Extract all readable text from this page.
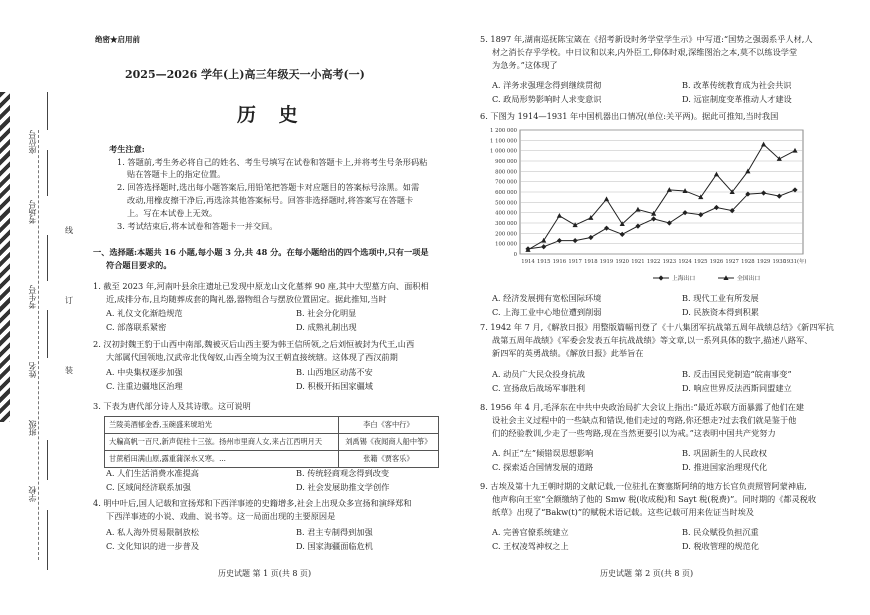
座位号
考场号
考生号
姓名
班级
学校
线
订
装
绝密★启用前
2025—2026 学年(上)高三年级天一小高考(一)
历 史
考生注意:
1. 答题前,考生务必将自己的姓名、考生号填写在试卷和答题卡上,并将考生号条形码粘
贴在答题卡上的指定位置。
2. 回答选择题时,选出每小题答案后,用铅笔把答题卡对应题目的答案标号涂黑。如需
改动,用橡皮擦干净后,再选涂其他答案标号。回答非选择题时,将答案写在答题卡
上。写在本试卷上无效。
3. 考试结束后,将本试卷和答题卡一并交回。
一、选择题:本题共 16 小题,每小题 3 分,共 48 分。在每小题给出的四个选项中,只有一项是
符合题目要求的。
1. 截至 2023 年,河南叶县余庄遗址已发现中原龙山文化墓葬 90 座,其中大型墓方向、面积相
近,成排分布,且均随葬成套的陶礼器,器物组合与摆放位置固定。据此推知,当时
A. 礼仪文化渐趋规范	B. 社会分化明显
C. 部落联系紧密	D. 成熟礼制出现
2. 汉初封魏王豹于山西中南部,魏被灭后山西主要为韩王信所领,之后刘恒被封为代王,山西
大部属代国领地,汉武帝北伐匈奴,山西全境为汉王朝直接统辖。这体现了西汉前期
A. 中央集权逐步加强	B. 山西地区动荡不安
C. 注重边疆地区治理	D. 积极开拓国家疆域
3. 下表为唐代部分诗人及其诗歌。这可说明
兰陵美酒郁金香,玉碗盛来琥珀光	李白《客中行》
大艑高帆一百尺,新声促柱十三弦。扬州市里商人女,来占江西明月天	刘禹锡《夜闻商人船中筝》
甘蔗稻田满山原,露重蒲深水又寒。...	张籍《贾客乐》
A. 人们生活消费水准提高	B. 传统轻商观念得到改变
C. 区域间经济联系加强	D. 社会发展助推文学创作
4. 明中叶后,国人记载和宣扬郑和下西洋事迹的史籍增多,社会上出现众多宣扬和演绎郑和
下西洋事迹的小说、戏曲、说书等。这一局面出现的主要原因是
A. 私人海外贸易限制放松	B. 君主专制得到加强
C. 文化知识的进一步普及	D. 国家海疆面临危机
历史试题 第 1 页(共 8 页)
5. 1897 年,湖南巡抚陈宝箴在《招考新设时务学堂学生示》中写道:“国势之强弱系乎人材,人
材之消长存乎学校。中日议和以来,内外臣工,仰体时艰,深维图治之本,莫不以练设学堂
为急务。”这体现了
A. 洋务求强理念得到继续贯彻	B. 改革传统教育成为社会共识
C. 政局形势影响时人求变意识	D. 远宦制度变革推动人才建设
6. 下图为 1914—1931 年中国机器出口情况(单位:关平两)。据此可推知,当时我国
0
100 000
200 000
300 000
400 000
500 000
600 000
700 000
800 000
900 000
1 000 000
1 100 000
1 200 000
1914 1915 1916 1917 1918 1919 1920 1921 1922 1923 1924 1925 1926 1927 1928 1929 1930
1931(年)
上海出口	全国出口
A. 经济发展拥有宽松国际环境	B. 现代工业有所发展
C. 上海工业中心地位遭到削弱	D. 民族资本得到积累
7. 1942 年 7 月,《解放日报》用整版篇幅刊登了《十八集团军抗战第五周年战绩总结》《新四军抗
战第五周年战绩》《军委会发表五年抗战战绩》等文章,以一系列具体的数字,描述八路军、
新四军的英勇战绩。《解放日报》此举旨在
A. 动员广大民众投身抗战	B. 反击国民党制造“皖南事变”
C. 宣扬敌后战场军事胜利	D. 响应世界反法西斯同盟建立
8. 1956 年 4 月,毛泽东在中共中央政治局扩大会议上指出:“最近苏联方面暴露了他们在建
设社会主义过程中的一些缺点和错误,他们走过的弯路,你还想走?过去我们就是鉴于他
们的经验教训,少走了一些弯路,现在当然更要引以为戒。”这表明中国共产党努力
A. 纠正“左”倾错误思想影响	B. 巩固新生的人民政权
C. 探索适合国情发展的道路	D. 推进国家治理现代化
9. 古埃及第十九王朝时期的文献记载,一位驻扎在赛塞斯阿纳的地方长官负责照管阿蒙神庙,
他声称向王室“全额缴纳了他的 Smw 税(收成税)和 Sayt 税(税费)”。同时期的《都灵税收
纸草》出现了“Bakw(t)”的赋税术语记载。这些记载可用来佐证当时埃及
A. 完善官僚系统建立	B. 民众赋役负担沉重
C. 王权凌驾神权之上	D. 税收管理的规范化
历史试题 第 2 页(共 8 页)
